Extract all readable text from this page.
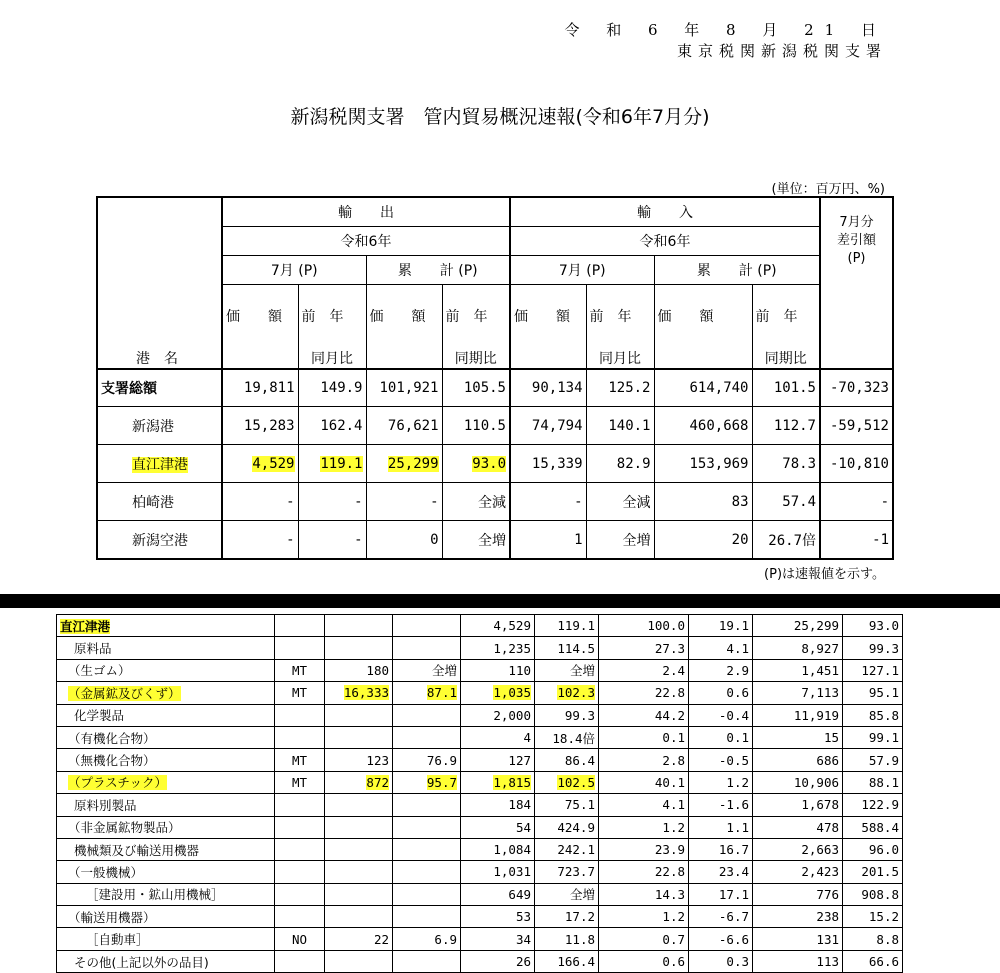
令 和 6 年 8 月 21 日
東京税関新潟税関支署
新潟税関支署　管内貿易概況速報(令和6年7月分)
(単位：百万円、%)
	輸　　出				輸　　入				7月分
差引額
(P)
	令和6年				令和6年				
	7月 (P)		累　　計 (P)		7月 (P)		累　　計 (P)		
	価　　額	前　年	価　　額	前　年	価　　額	前　年	価　　額	前　年	
港　名		同月比		同期比		同月比		同期比	
支署総額	19,811	149.9	101,921	105.5	90,134	125.2	614,740	101.5	-70,323
新潟港	15,283	162.4	76,621	110.5	74,794	140.1	460,668	112.7	-59,512
直江津港	4,529	119.1	25,299	93.0	15,339	82.9	153,969	78.3	-10,810
柏崎港	-	-	-	全減	-	全減	83	57.4	-
新潟空港	-	-	0	全増	1	全増	20	26.7倍	-1
(P)は速報値を示す。
直江津港				4,529	119.1	100.0	19.1	25,299	93.0
原料品				1,235	114.5	27.3	4.1	8,927	99.3
（生ゴム）	MT	180	全増	110	全増	2.4	2.9	1,451	127.1
（金属鉱及びくず）	MT	16,333	87.1	1,035	102.3	22.8	0.6	7,113	95.1
化学製品				2,000	99.3	44.2	-0.4	11,919	85.8
（有機化合物）				4	18.4倍	0.1	0.1	15	99.1
（無機化合物）	MT	123	76.9	127	86.4	2.8	-0.5	686	57.9
（プラスチック）	MT	872	95.7	1,815	102.5	40.1	1.2	10,906	88.1
原料別製品				184	75.1	4.1	-1.6	1,678	122.9
（非金属鉱物製品）				54	424.9	1.2	1.1	478	588.4
機械類及び輸送用機器				1,084	242.1	23.9	16.7	2,663	96.0
（一般機械）				1,031	723.7	22.8	23.4	2,423	201.5
［建設用・鉱山用機械］				649	全増	14.3	17.1	776	908.8
（輸送用機器）				53	17.2	1.2	-6.7	238	15.2
［自動車］	NO	22	6.9	34	11.8	0.7	-6.6	131	8.8
その他(上記以外の品目)				26	166.4	0.6	0.3	113	66.6
